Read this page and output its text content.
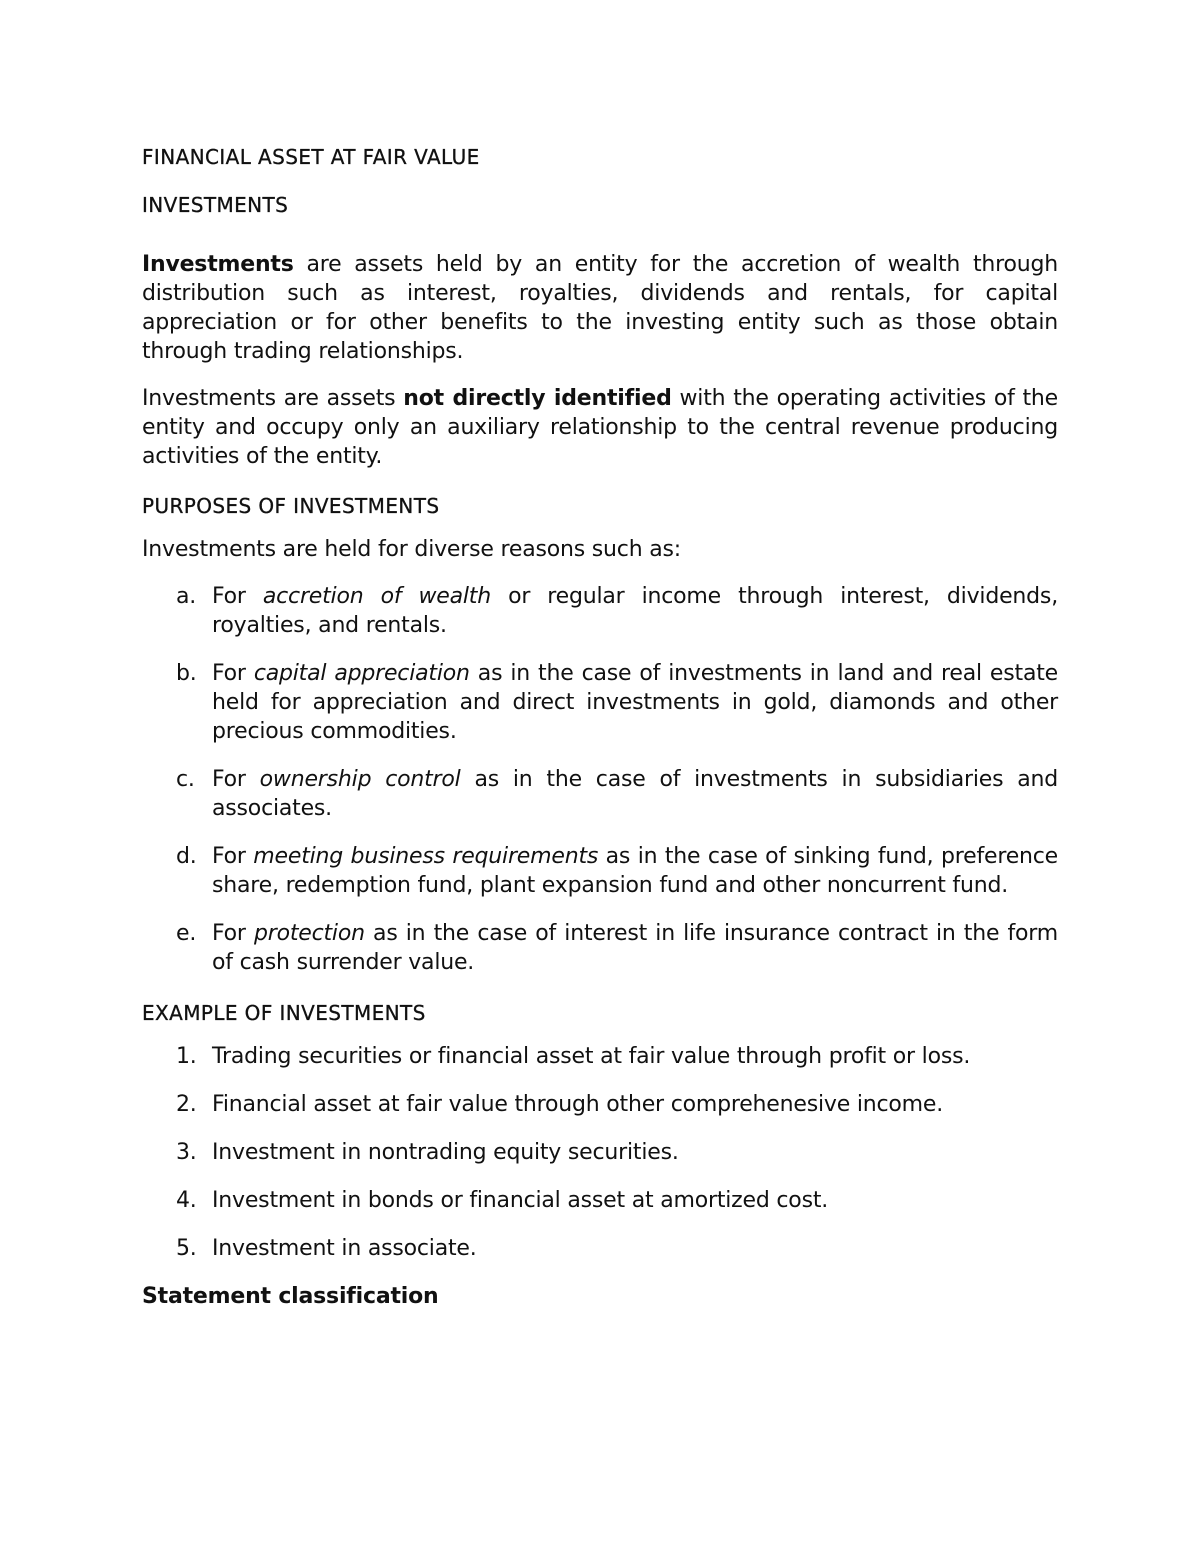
FINANCIAL ASSET AT FAIR VALUE
INVESTMENTS

Investments are assets held by an entity for the accretion of wealth through distribution such as interest, royalties, dividends and rentals, for capital appreciation or for other benefits to the investing entity such as those obtain through trading relationships.

Investments are assets not directly identified with the operating activities of the entity and occupy only an auxiliary relationship to the central revenue producing activities of the entity.

PURPOSES OF INVESTMENTS

Investments are held for diverse reasons such as:

a. For accretion of wealth or regular income through interest, dividends, royalties, and rentals.
b. For capital appreciation as in the case of investments in land and real estate held for appreciation and direct investments in gold, diamonds and other precious commodities.
c. For ownership control as in the case of investments in subsidiaries and associates.
d. For meeting business requirements as in the case of sinking fund, preference share, redemption fund, plant expansion fund and other noncurrent fund.
e. For protection as in the case of interest in life insurance contract in the form of cash surrender value.
EXAMPLE OF INVESTMENTS
1. Trading securities or financial asset at fair value through profit or loss.
2. Financial asset at fair value through other comprehenesive income.
3. Investment in nontrading equity securities.
4. Investment in bonds or financial asset at amortized cost.
5. Investment in associate.

Statement classification
